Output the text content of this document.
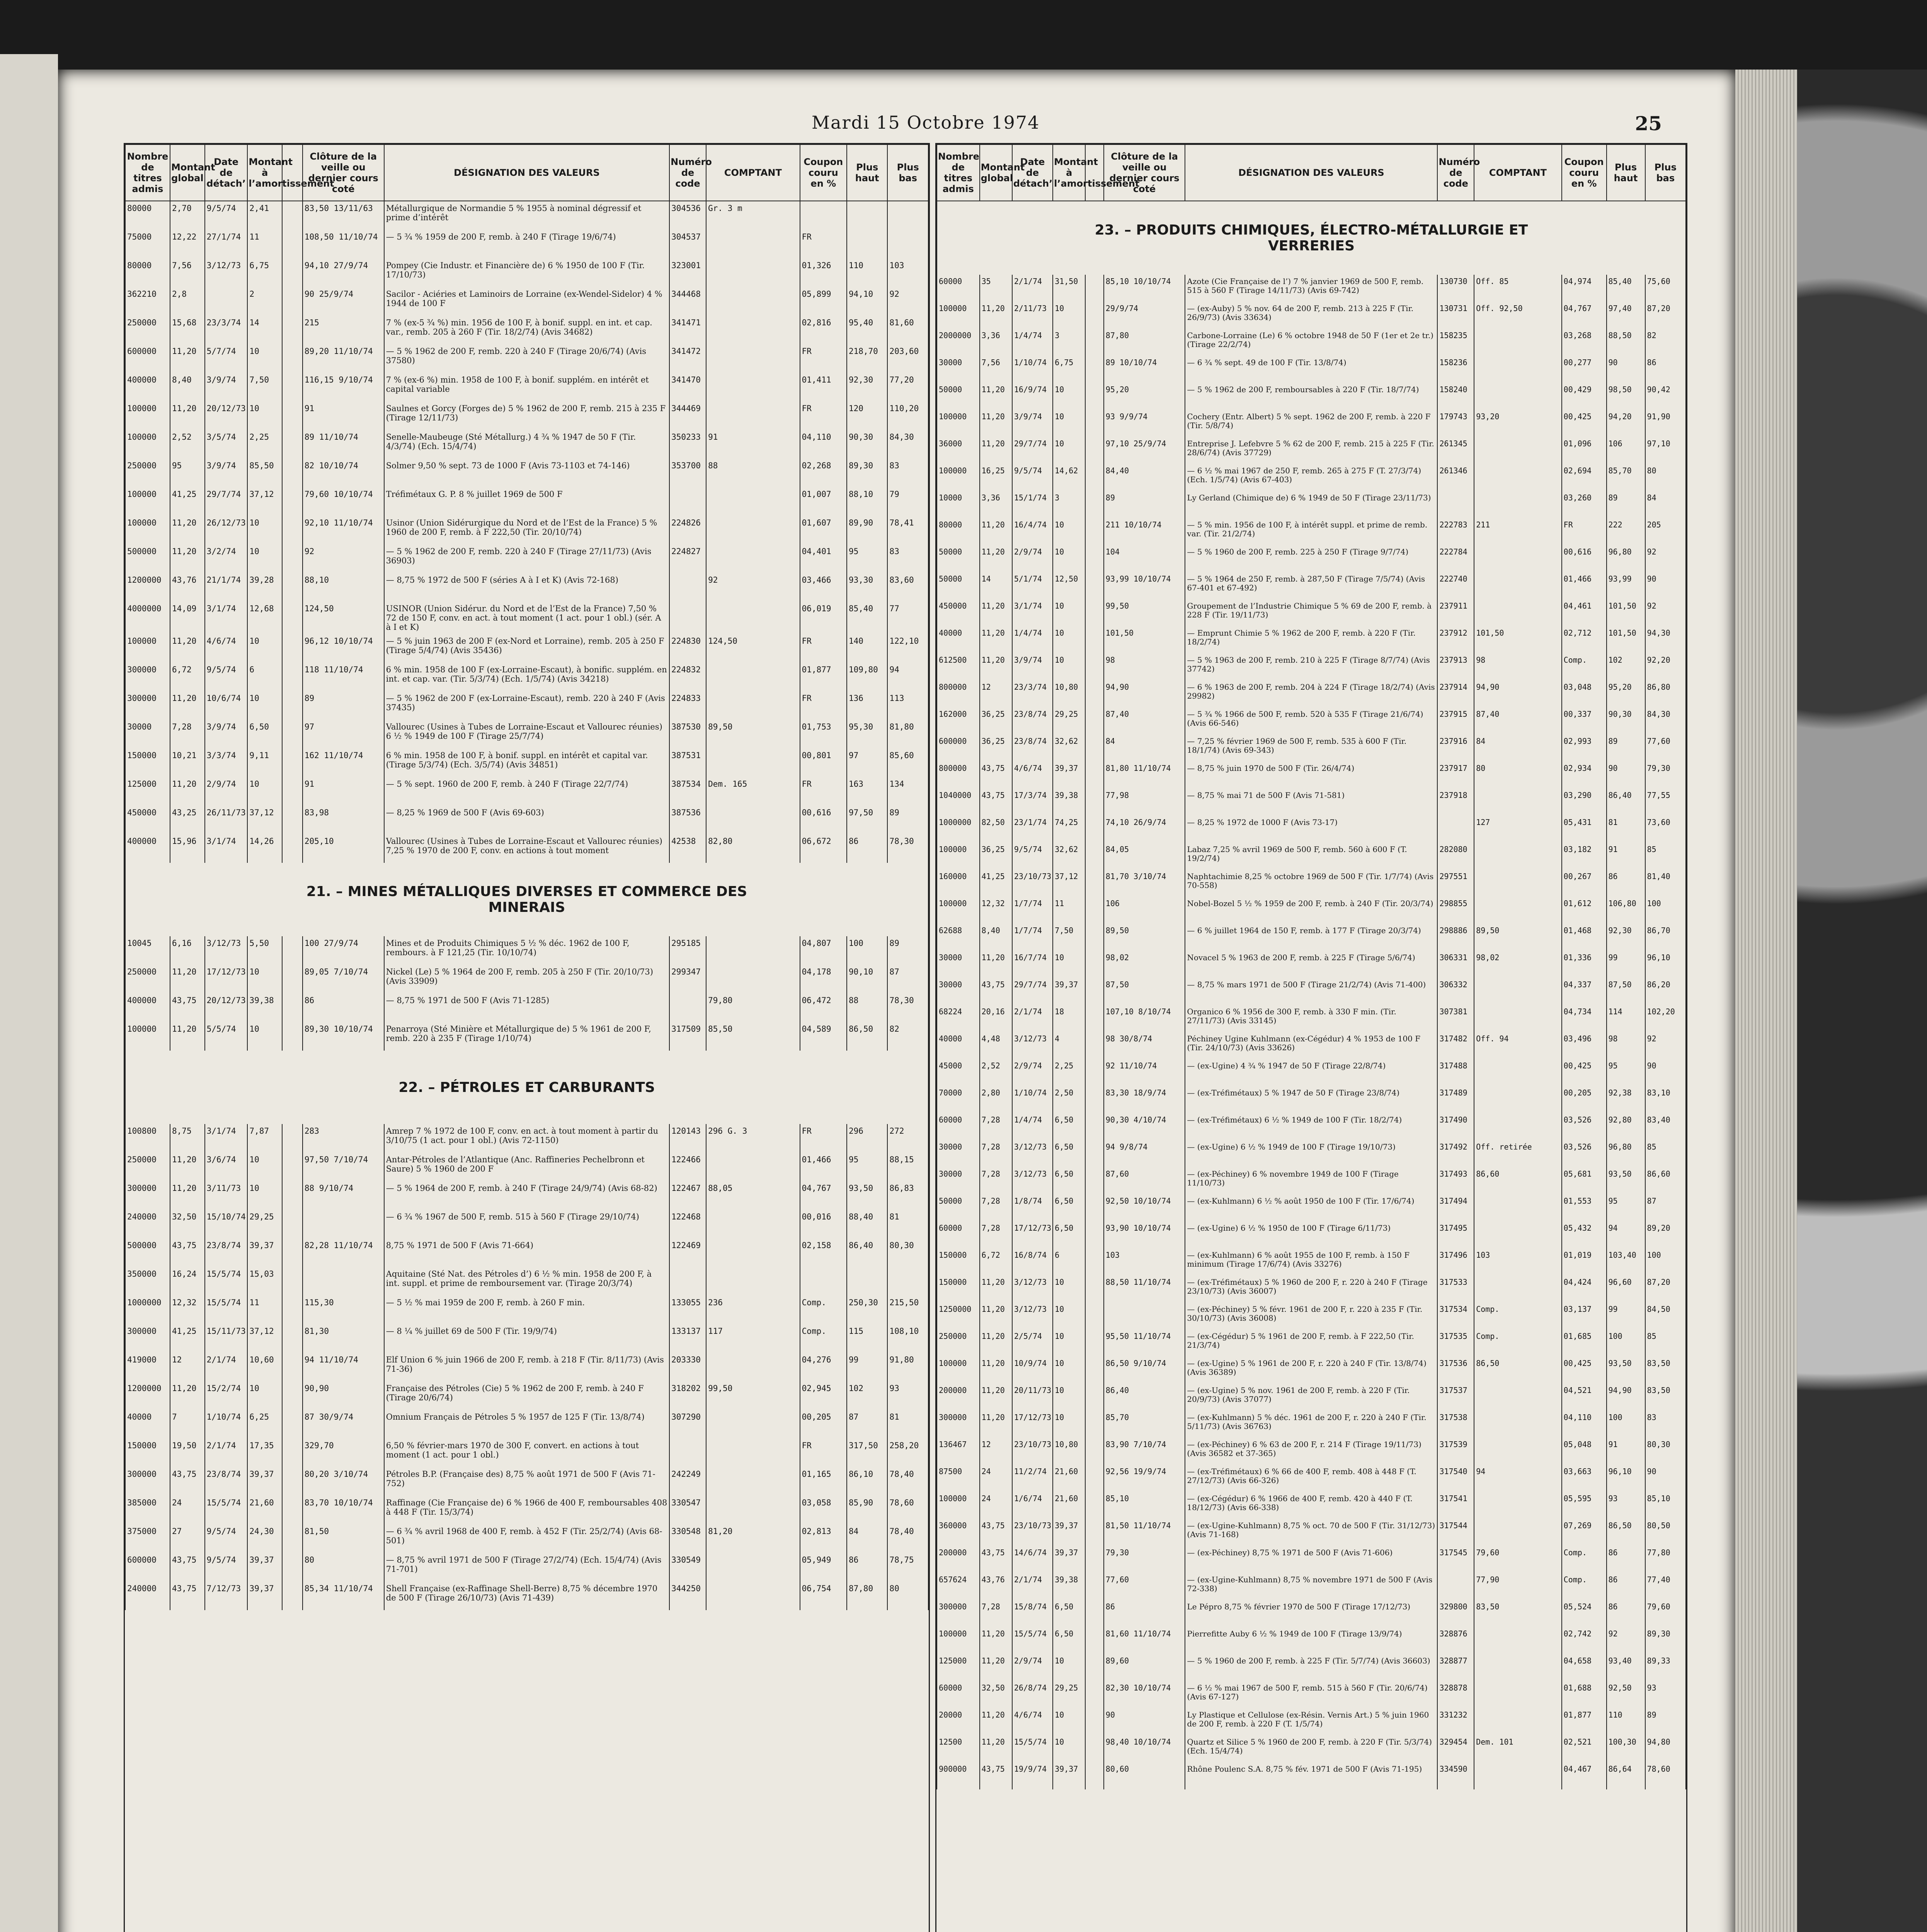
Mardi 15 Octobre 1974	25
Nombre de titres admis	Montant global	Date de détach’	Montant à l’amortissement		Clôture de la veille ou dernier cours coté	DÉSIGNATION DES VALEURS	Numéro de code	COMPTANT	Coupon couru en %	Plus haut	Plus bas
80000	2,70	9/5/74	2,41		83,50 13/11/63	Métallurgique de Normandie 5 % 1955 à nominal dégressif et prime d’intérêt	304536	Gr. 3 m			
75000	12,22	27/1/74	11		108,50 11/10/74	— 5 ¾ % 1959 de 200 F, remb. à 240 F (Tirage 19/6/74)	304537		FR		
80000	7,56	3/12/73	6,75		94,10 27/9/74	Pompey (Cie Industr. et Financière de) 6 % 1950 de 100 F (Tir. 17/10/73)	323001		01,326	110	103
362210	2,8		2		90 25/9/74	Sacilor - Aciéries et Laminoirs de Lorraine (ex-Wendel-Sidelor) 4 % 1944 de 100 F	344468		05,899	94,10	92
250000	15,68	23/3/74	14		215	7 % (ex-5 ¾ %) min. 1956 de 100 F, à bonif. suppl. en int. et cap. var., remb. 205 à 260 F (Tir. 18/2/74) (Avis 34682)	341471		02,816	95,40	81,60
600000	11,20	5/7/74	10		89,20 11/10/74	— 5 % 1962 de 200 F, remb. 220 à 240 F (Tirage 20/6/74) (Avis 37580)	341472		FR	218,70	203,60
400000	8,40	3/9/74	7,50		116,15 9/10/74	7 % (ex-6 %) min. 1958 de 100 F, à bonif. supplém. en intérêt et capital variable	341470		01,411	92,30	77,20
100000	11,20	20/12/73	10		91	Saulnes et Gorcy (Forges de) 5 % 1962 de 200 F, remb. 215 à 235 F (Tirage 12/11/73)	344469		FR	120	110,20
100000	2,52	3/5/74	2,25		89 11/10/74	Senelle-Maubeuge (Sté Métallurg.) 4 ¾ % 1947 de 50 F (Tir. 4/3/74) (Ech. 15/4/74)	350233	91	04,110	90,30	84,30
250000	95	3/9/74	85,50		82 10/10/74	Solmer 9,50 % sept. 73 de 1000 F (Avis 73-1103 et 74-146)	353700	88	02,268	89,30	83
100000	41,25	29/7/74	37,12		79,60 10/10/74	Tréfimétaux G. P. 8 % juillet 1969 de 500 F			01,007	88,10	79
100000	11,20	26/12/73	10		92,10 11/10/74	Usinor (Union Sidérurgique du Nord et de l’Est de la France) 5 % 1960 de 200 F, remb. à F 222,50 (Tir. 20/10/74)	224826		01,607	89,90	78,41
500000	11,20	3/2/74	10		92	— 5 % 1962 de 200 F, remb. 220 à 240 F (Tirage 27/11/73) (Avis 36903)	224827		04,401	95	83
1200000	43,76	21/1/74	39,28		88,10	— 8,75 % 1972 de 500 F (séries A à I et K) (Avis 72-168)		92	03,466	93,30	83,60
4000000	14,09	3/1/74	12,68		124,50	USINOR (Union Sidérur. du Nord et de l’Est de la France) 7,50 % 72 de 150 F, conv. en act. à tout moment (1 act. pour 1 obl.) (sér. A à I et K)			06,019	85,40	77
100000	11,20	4/6/74	10		96,12 10/10/74	— 5 % juin 1963 de 200 F (ex-Nord et Lorraine), remb. 205 à 250 F (Tirage 5/4/74) (Avis 35436)	224830	124,50	FR	140	122,10
300000	6,72	9/5/74	6		118 11/10/74	6 % min. 1958 de 100 F (ex-Lorraine-Escaut), à bonific. supplém. en int. et cap. var. (Tir. 5/3/74) (Ech. 1/5/74) (Avis 34218)	224832		01,877	109,80	94
300000	11,20	10/6/74	10		89	— 5 % 1962 de 200 F (ex-Lorraine-Escaut), remb. 220 à 240 F (Avis 37435)	224833		FR	136	113
30000	7,28	3/9/74	6,50		97	Vallourec (Usines à Tubes de Lorraine-Escaut et Vallourec réunies) 6 ½ % 1949 de 100 F (Tirage 25/7/74)	387530	89,50	01,753	95,30	81,80
150000	10,21	3/3/74	9,11		162 11/10/74	6 % min. 1958 de 100 F, à bonif. suppl. en intérêt et capital var. (Tirage 5/3/74) (Ech. 3/5/74) (Avis 34851)	387531		00,801	97	85,60
125000	11,20	2/9/74	10		91	— 5 % sept. 1960 de 200 F, remb. à 240 F (Tirage 22/7/74)	387534	Dem. 165	FR	163	134
450000	43,25	26/11/73	37,12		83,98	— 8,25 % 1969 de 500 F (Avis 69-603)	387536		00,616	97,50	89
400000	15,96	3/1/74	14,26		205,10	Vallourec (Usines à Tubes de Lorraine-Escaut et Vallourec réunies) 7,25 % 1970 de 200 F, conv. en actions à tout moment	42538	82,80	06,672	86	78,30
21. – MINES MÉTALLIQUES DIVERSES ET COMMERCE DES MINERAIS											
10045	6,16	3/12/73	5,50		100 27/9/74	Mines et de Produits Chimiques 5 ½ % déc. 1962 de 100 F, rembours. à F 121,25 (Tir. 10/10/74)	295185		04,807	100	89
250000	11,20	17/12/73	10		89,05 7/10/74	Nickel (Le) 5 % 1964 de 200 F, remb. 205 à 250 F (Tir. 20/10/73) (Avis 33909)	299347		04,178	90,10	87
400000	43,75	20/12/73	39,38		86	— 8,75 % 1971 de 500 F (Avis 71-1285)		79,80	06,472	88	78,30
100000	11,20	5/5/74	10		89,30 10/10/74	Penarroya (Sté Minière et Métallurgique de) 5 % 1961 de 200 F, remb. 220 à 235 F (Tirage 1/10/74)	317509	85,50	04,589	86,50	82
22. – PÉTROLES ET CARBURANTS											
100800	8,75	3/1/74	7,87		283	Amrep 7 % 1972 de 100 F, conv. en act. à tout moment à partir du 3/10/75 (1 act. pour 1 obl.) (Avis 72-1150)	120143	296 G. 3	FR	296	272
250000	11,20	3/6/74	10		97,50 7/10/74	Antar-Pétroles de l’Atlantique (Anc. Raffineries Pechelbronn et Saure) 5 % 1960 de 200 F	122466		01,466	95	88,15
300000	11,20	3/11/73	10		88 9/10/74	— 5 % 1964 de 200 F, remb. à 240 F (Tirage 24/9/74) (Avis 68-82)	122467	88,05	04,767	93,50	86,83
240000	32,50	15/10/74	29,25			— 6 ¾ % 1967 de 500 F, remb. 515 à 560 F (Tirage 29/10/74)	122468		00,016	88,40	81
500000	43,75	23/8/74	39,37		82,28 11/10/74	8,75 % 1971 de 500 F (Avis 71-664)	122469		02,158	86,40	80,30
350000	16,24	15/5/74	15,03			Aquitaine (Sté Nat. des Pétroles d’) 6 ½ % min. 1958 de 200 F, à int. suppl. et prime de remboursement var. (Tirage 20/3/74)					
1000000	12,32	15/5/74	11		115,30	— 5 ½ % mai 1959 de 200 F, remb. à 260 F min.	133055	236	Comp.	250,30	215,50
300000	41,25	15/11/73	37,12		81,30	— 8 ¼ % juillet 69 de 500 F (Tir. 19/9/74)	133137	117	Comp.	115	108,10
419000	12	2/1/74	10,60		94 11/10/74	Elf Union 6 % juin 1966 de 200 F, remb. à 218 F (Tir. 8/11/73) (Avis 71-36)	203330		04,276	99	91,80
1200000	11,20	15/2/74	10		90,90	Française des Pétroles (Cie) 5 % 1962 de 200 F, remb. à 240 F (Tirage 20/6/74)	318202	99,50	02,945	102	93
40000	7	1/10/74	6,25		87 30/9/74	Omnium Français de Pétroles 5 % 1957 de 125 F (Tir. 13/8/74)	307290		00,205	87	81
150000	19,50	2/1/74	17,35		329,70	6,50 % février-mars 1970 de 300 F, convert. en actions à tout moment (1 act. pour 1 obl.)			FR	317,50	258,20
300000	43,75	23/8/74	39,37		80,20 3/10/74	Pétroles B.P. (Française des) 8,75 % août 1971 de 500 F (Avis 71-752)	242249		01,165	86,10	78,40
385000	24	15/5/74	21,60		83,70 10/10/74	Raffinage (Cie Française de) 6 % 1966 de 400 F, remboursables 408 à 448 F (Tir. 15/3/74)	330547		03,058	85,90	78,60
375000	27	9/5/74	24,30		81,50	— 6 ¾ % avril 1968 de 400 F, remb. à 452 F (Tir. 25/2/74) (Avis 68-501)	330548	81,20	02,813	84	78,40
600000	43,75	9/5/74	39,37		80	— 8,75 % avril 1971 de 500 F (Tirage 27/2/74) (Ech. 15/4/74) (Avis 71-701)	330549		05,949	86	78,75
240000	43,75	7/12/73	39,37		85,34 11/10/74	Shell Française (ex-Raffinage Shell-Berre) 8,75 % décembre 1970 de 500 F (Tirage 26/10/73) (Avis 71-439)	344250		06,754	87,80	80
Nombre de titres admis	Montant global	Date de détach’	Montant à l’amortissement		Clôture de la veille ou dernier cours coté	DÉSIGNATION DES VALEURS	Numéro de code	COMPTANT	Coupon couru en %	Plus haut	Plus bas
23. – PRODUITS CHIMIQUES, ÉLECTRO-MÉTALLURGIE ET VERRERIES											
60000	35	2/1/74	31,50		85,10 10/10/74	Azote (Cie Française de l’) 7 % janvier 1969 de 500 F, remb. 515 à 560 F (Tirage 14/11/73) (Avis 69-742)	130730	Off. 85	04,974	85,40	75,60
100000	11,20	2/11/73	10		29/9/74	— (ex-Auby) 5 % nov. 64 de 200 F, remb. 213 à 225 F (Tir. 26/9/73) (Avis 33634)	130731	Off. 92,50	04,767	97,40	87,20
2000000	3,36	1/4/74	3		87,80	Carbone-Lorraine (Le) 6 % octobre 1948 de 50 F (1er et 2e tr.) (Tirage 22/2/74)	158235		03,268	88,50	82
30000	7,56	1/10/74	6,75		89 10/10/74	— 6 ¾ % sept. 49 de 100 F (Tir. 13/8/74)	158236		00,277	90	86
50000	11,20	16/9/74	10		95,20	— 5 % 1962 de 200 F, remboursables à 220 F (Tir. 18/7/74)	158240		00,429	98,50	90,42
100000	11,20	3/9/74	10		93 9/9/74	Cochery (Entr. Albert) 5 % sept. 1962 de 200 F, remb. à 220 F (Tir. 5/8/74)	179743	93,20	00,425	94,20	91,90
36000	11,20	29/7/74	10		97,10 25/9/74	Entreprise J. Lefebvre 5 % 62 de 200 F, remb. 215 à 225 F (Tir. 28/6/74) (Avis 37729)	261345		01,096	106	97,10
100000	16,25	9/5/74	14,62		84,40	— 6 ½ % mai 1967 de 250 F, remb. 265 à 275 F (T. 27/3/74) (Ech. 1/5/74) (Avis 67-403)	261346		02,694	85,70	80
10000	3,36	15/1/74	3		89	Ly Gerland (Chimique de) 6 % 1949 de 50 F (Tirage 23/11/73)			03,260	89	84
80000	11,20	16/4/74	10		211 10/10/74	— 5 % min. 1956 de 100 F, à intérêt suppl. et prime de remb. var. (Tir. 21/2/74)	222783	211	FR	222	205
50000	11,20	2/9/74	10		104	— 5 % 1960 de 200 F, remb. 225 à 250 F (Tirage 9/7/74)	222784		00,616	96,80	92
50000	14	5/1/74	12,50		93,99 10/10/74	— 5 % 1964 de 250 F, remb. à 287,50 F (Tirage 7/5/74) (Avis 67-401 et 67-492)	222740		01,466	93,99	90
450000	11,20	3/1/74	10		99,50	Groupement de l’Industrie Chimique 5 % 69 de 200 F, remb. à 228 F (Tir. 19/11/73)	237911		04,461	101,50	92
40000	11,20	1/4/74	10		101,50	— Emprunt Chimie 5 % 1962 de 200 F, remb. à 220 F (Tir. 18/2/74)	237912	101,50	02,712	101,50	94,30
612500	11,20	3/9/74	10		98	— 5 % 1963 de 200 F, remb. 210 à 225 F (Tirage 8/7/74) (Avis 37742)	237913	98	Comp.	102	92,20
800000	12	23/3/74	10,80		94,90	— 6 % 1963 de 200 F, remb. 204 à 224 F (Tirage 18/2/74) (Avis 29982)	237914	94,90	03,048	95,20	86,80
162000	36,25	23/8/74	29,25		87,40	— 5 ¾ % 1966 de 500 F, remb. 520 à 535 F (Tirage 21/6/74) (Avis 66-546)	237915	87,40	00,337	90,30	84,30
600000	36,25	23/8/74	32,62		84	— 7,25 % février 1969 de 500 F, remb. 535 à 600 F (Tir. 18/1/74) (Avis 69-343)	237916	84	02,993	89	77,60
800000	43,75	4/6/74	39,37		81,80 11/10/74	— 8,75 % juin 1970 de 500 F (Tir. 26/4/74)	237917	80	02,934	90	79,30
1040000	43,75	17/3/74	39,38		77,98	— 8,75 % mai 71 de 500 F (Avis 71-581)	237918		03,290	86,40	77,55
1000000	82,50	23/1/74	74,25		74,10 26/9/74	— 8,25 % 1972 de 1000 F (Avis 73-17)		127	05,431	81	73,60
100000	36,25	9/5/74	32,62		84,05	Labaz 7,25 % avril 1969 de 500 F, remb. 560 à 600 F (T. 19/2/74)	282080		03,182	91	85
160000	41,25	23/10/73	37,12		81,70 3/10/74	Naphtachimie 8,25 % octobre 1969 de 500 F (Tir. 1/7/74) (Avis 70-558)	297551		00,267	86	81,40
100000	12,32	1/7/74	11		106	Nobel-Bozel 5 ½ % 1959 de 200 F, remb. à 240 F (Tir. 20/3/74)	298855		01,612	106,80	100
62688	8,40	1/7/74	7,50		89,50	— 6 % juillet 1964 de 150 F, remb. à 177 F (Tirage 20/3/74)	298886	89,50	01,468	92,30	86,70
30000	11,20	16/7/74	10		98,02	Novacel 5 % 1963 de 200 F, remb. à 225 F (Tirage 5/6/74)	306331	98,02	01,336	99	96,10
30000	43,75	29/7/74	39,37		87,50	— 8,75 % mars 1971 de 500 F (Tirage 21/2/74) (Avis 71-400)	306332		04,337	87,50	86,20
68224	20,16	2/1/74	18		107,10 8/10/74	Organico 6 % 1956 de 300 F, remb. à 330 F min. (Tir. 27/11/73) (Avis 33145)	307381		04,734	114	102,20
40000	4,48	3/12/73	4		98 30/8/74	Péchiney Ugine Kuhlmann (ex-Cégédur) 4 % 1953 de 100 F (Tir. 24/10/73) (Avis 33626)	317482	Off. 94	03,496	98	92
45000	2,52	2/9/74	2,25		92 11/10/74	— (ex-Ugine) 4 ¾ % 1947 de 50 F (Tirage 22/8/74)	317488		00,425	95	90
70000	2,80	1/10/74	2,50		83,30 18/9/74	— (ex-Tréfimétaux) 5 % 1947 de 50 F (Tirage 23/8/74)	317489		00,205	92,38	83,10
60000	7,28	1/4/74	6,50		90,30 4/10/74	— (ex-Tréfimétaux) 6 ½ % 1949 de 100 F (Tir. 18/2/74)	317490		03,526	92,80	83,40
30000	7,28	3/12/73	6,50		94 9/8/74	— (ex-Ugine) 6 ½ % 1949 de 100 F (Tirage 19/10/73)	317492	Off. retirée	03,526	96,80	85
30000	7,28	3/12/73	6,50		87,60	— (ex-Péchiney) 6 % novembre 1949 de 100 F (Tirage 11/10/73)	317493	86,60	05,681	93,50	86,60
50000	7,28	1/8/74	6,50		92,50 10/10/74	— (ex-Kuhlmann) 6 ½ % août 1950 de 100 F (Tir. 17/6/74)	317494		01,553	95	87
60000	7,28	17/12/73	6,50		93,90 10/10/74	— (ex-Ugine) 6 ½ % 1950 de 100 F (Tirage 6/11/73)	317495		05,432	94	89,20
150000	6,72	16/8/74	6		103	— (ex-Kuhlmann) 6 % août 1955 de 100 F, remb. à 150 F minimum (Tirage 17/6/74) (Avis 33276)	317496	103	01,019	103,40	100
150000	11,20	3/12/73	10		88,50 11/10/74	— (ex-Tréfimétaux) 5 % 1960 de 200 F, r. 220 à 240 F (Tirage 23/10/73) (Avis 36007)	317533		04,424	96,60	87,20
1250000	11,20	3/12/73	10			— (ex-Péchiney) 5 % févr. 1961 de 200 F, r. 220 à 235 F (Tir. 30/10/73) (Avis 36008)	317534	Comp.	03,137	99	84,50
250000	11,20	2/5/74	10		95,50 11/10/74	— (ex-Cégédur) 5 % 1961 de 200 F, remb. à F 222,50 (Tir. 21/3/74)	317535	Comp.	01,685	100	85
100000	11,20	10/9/74	10		86,50 9/10/74	— (ex-Ugine) 5 % 1961 de 200 F, r. 220 à 240 F (Tir. 13/8/74) (Avis 36389)	317536	86,50	00,425	93,50	83,50
200000	11,20	20/11/73	10		86,40	— (ex-Ugine) 5 % nov. 1961 de 200 F, remb. à 220 F (Tir. 20/9/73) (Avis 37077)	317537		04,521	94,90	83,50
300000	11,20	17/12/73	10		85,70	— (ex-Kuhlmann) 5 % déc. 1961 de 200 F, r. 220 à 240 F (Tir. 5/11/73) (Avis 36763)	317538		04,110	100	83
136467	12	23/10/73	10,80		83,90 7/10/74	— (ex-Péchiney) 6 % 63 de 200 F, r. 214 F (Tirage 19/11/73) (Avis 36582 et 37-365)	317539		05,048	91	80,30
87500	24	11/2/74	21,60		92,56 19/9/74	— (ex-Tréfimétaux) 6 % 66 de 400 F, remb. 408 à 448 F (T. 27/12/73) (Avis 66-326)	317540	94	03,663	96,10	90
100000	24	1/6/74	21,60		85,10	— (ex-Cégédur) 6 % 1966 de 400 F, remb. 420 à 440 F (T. 18/12/73) (Avis 66-338)	317541		05,595	93	85,10
360000	43,75	23/10/73	39,37		81,50 11/10/74	— (ex-Ugine-Kuhlmann) 8,75 % oct. 70 de 500 F (Tir. 31/12/73) (Avis 71-168)	317544		07,269	86,50	80,50
200000	43,75	14/6/74	39,37		79,30	— (ex-Péchiney) 8,75 % 1971 de 500 F (Avis 71-606)	317545	79,60	Comp.	86	77,80
657624	43,76	2/1/74	39,38		77,60	— (ex-Ugine-Kuhlmann) 8,75 % novembre 1971 de 500 F (Avis 72-338)		77,90	Comp.	86	77,40
300000	7,28	15/8/74	6,50		86	Le Pépro 8,75 % février 1970 de 500 F (Tirage 17/12/73)	329800	83,50	05,524	86	79,60
100000	11,20	15/5/74	6,50		81,60 11/10/74	Pierrefitte Auby 6 ½ % 1949 de 100 F (Tirage 13/9/74)	328876		02,742	92	89,30
125000	11,20	2/9/74	10		89,60	— 5 % 1960 de 200 F, remb. à 225 F (Tir. 5/7/74) (Avis 36603)	328877		04,658	93,40	89,33
60000	32,50	26/8/74	29,25		82,30 10/10/74	— 6 ½ % mai 1967 de 500 F, remb. 515 à 560 F (Tir. 20/6/74) (Avis 67-127)	328878		01,688	92,50	93
20000	11,20	4/6/74	10		90	Ly Plastique et Cellulose (ex-Résin. Vernis Art.) 5 % juin 1960 de 200 F, remb. à 220 F (T. 1/5/74)	331232		01,877	110	89
12500	11,20	15/5/74	10		98,40 10/10/74	Quartz et Silice 5 % 1960 de 200 F, remb. à 220 F (Tir. 5/3/74) (Ech. 15/4/74)	329454	Dem. 101	02,521	100,30	94,80
900000	43,75	19/9/74	39,37		80,60	Rhône Poulenc S.A. 8,75 % fév. 1971 de 500 F (Avis 71-195)	334590		04,467	86,64	78,60
